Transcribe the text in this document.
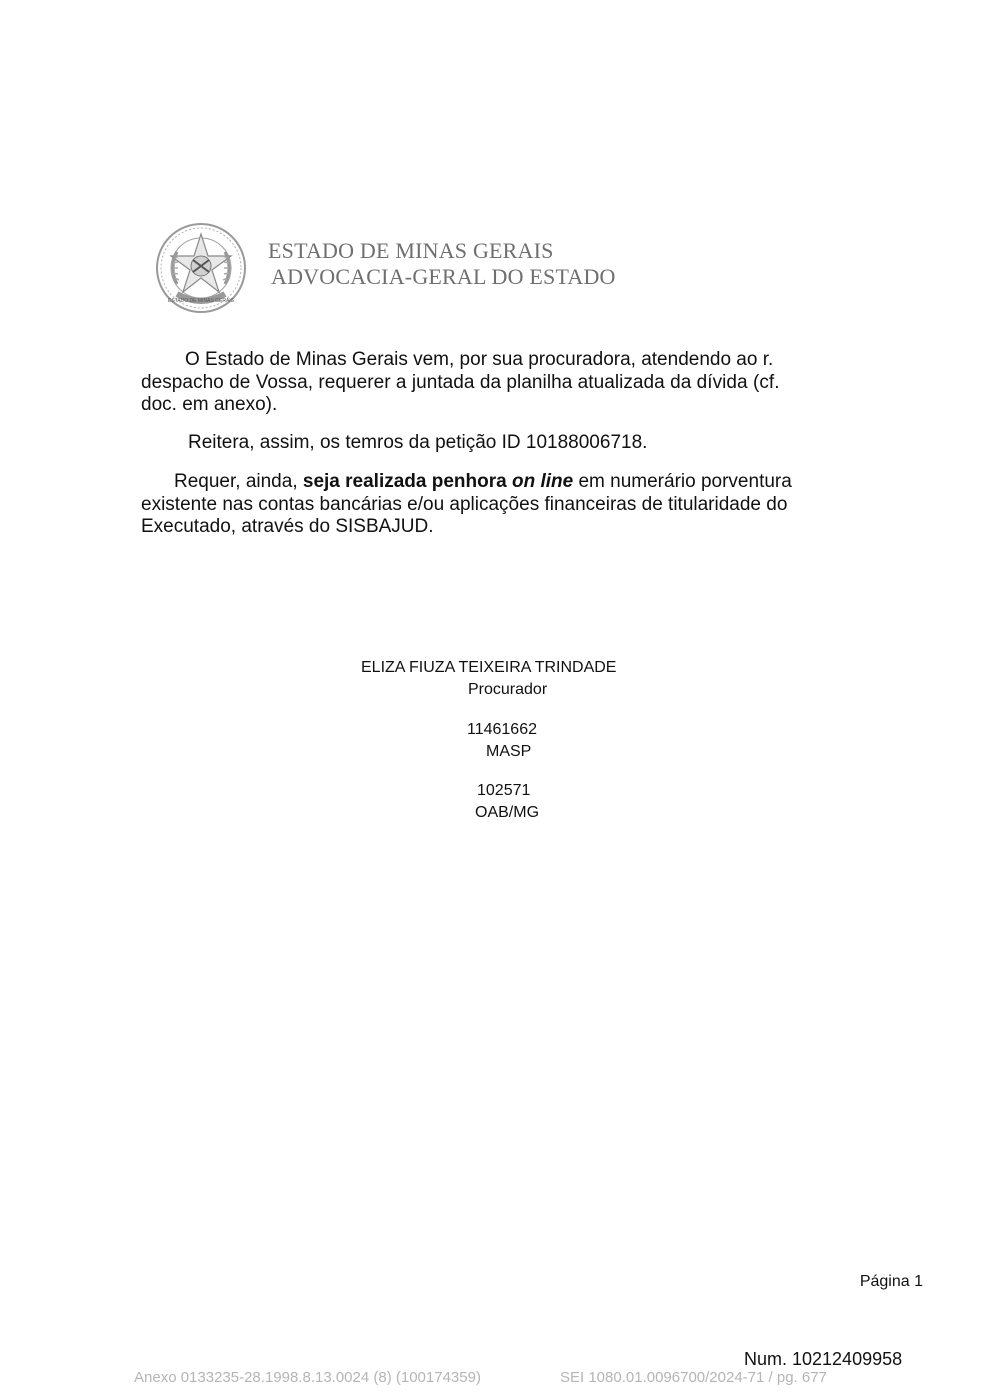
ESTADO DE MINAS GERAIS
ESTADO DE MINAS GERAIS
ADVOCACIA-GERAL DO ESTADO
O Estado de Minas Gerais vem, por sua procuradora, atendendo ao r.
despacho de Vossa, requerer a juntada da planilha atualizada da dívida (cf.
doc. em anexo).
Reitera, assim, os temros da petição ID 10188006718.
Requer, ainda, seja realizada penhora on line em numerário porventura
existente nas contas bancárias e/ou aplicações financeiras de titularidade do
Executado, através do SISBAJUD.
ELIZA FIUZA TEIXEIRA TRINDADE
Procurador
11461662
MASP
102571
OAB/MG
Página 1
Num. 10212409958
Anexo 0133235-28.1998.8.13.0024 (8) (100174359)	SEI 1080.01.0096700/2024-71 / pg. 677
